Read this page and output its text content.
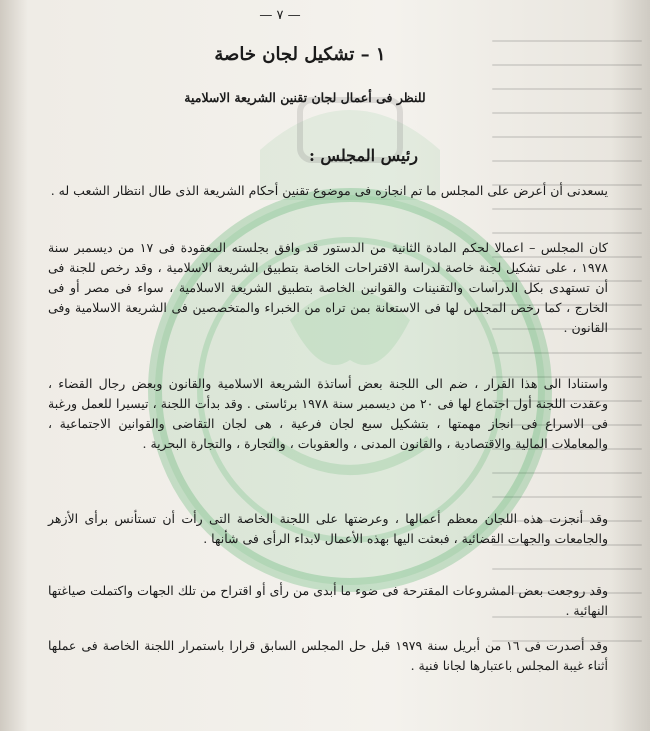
— ٧ —
١ – تشكيل لجان خاصة
للنظر فى أعمال لجان تقنين الشريعة الاسلامية
رئيس المجلس :

يسعدنى أن أعرض على المجلس ما تم انجازه فى موضوع تقنين أحكام الشريعة الذى طال انتظار الشعب له .

كان المجلس – اعمالا لحكم المادة الثانية من الدستور قد وافق بجلسته المعقودة فى ١٧ من ديسمبر سنة ١٩٧٨ ، على تشكيل لجنة خاصة لدراسة الاقتراحات الخاصة بتطبيق الشريعة الاسلامية ، وقد رخص للجنة فى أن تستهدى بكل الدراسات والتقنينات والقوانين الخاصة بتطبيق الشريعة الاسلامية ، سواء فى مصر أو فى الخارج ، كما رخص المجلس لها فى الاستعانة بمن تراه من الخبراء والمتخصصين فى الشريعة الاسلامية وفى القانون .

واستنادا الى هذا القرار ، ضم الى اللجنة بعض أساتذة الشريعة الاسلامية والقانون وبعض رجال القضاء ، وعقدت اللجنة أول اجتماع لها فى ٢٠ من ديسمبر سنة ١٩٧٨ برئاستى . وقد بدأت اللجنة ، تيسيرا للعمل ورغبة فى الاسراع فى انجاز مهمتها ، بتشكيل سبع لجان فرعية ، هى لجان التقاضى والقوانين الاجتماعية ، والمعاملات المالية والاقتصادية ، والقانون المدنى ، والعقوبات ، والتجارة ، والتجارة البحرية .

وقد أنجزت هذه اللجان معظم أعمالها ، وعرضتها على اللجنة الخاصة التى رأت أن تستأنس برأى الأزهر والجامعات والجهات القضائية ، فبعثت اليها بهذه الأعمال لابداء الرأى فى شأنها .

وقد روجعت بعض المشروعات المقترحة فى ضوء ما أبدى من رأى أو اقتراح من تلك الجهات واكتملت صياغتها النهائية .

وقد أصدرت فى ١٦ من أبريل سنة ١٩٧٩ قبل حل المجلس السابق قرارا باستمرار اللجنة الخاصة فى عملها أثناء غيبة المجلس باعتبارها لجانا فنية .
